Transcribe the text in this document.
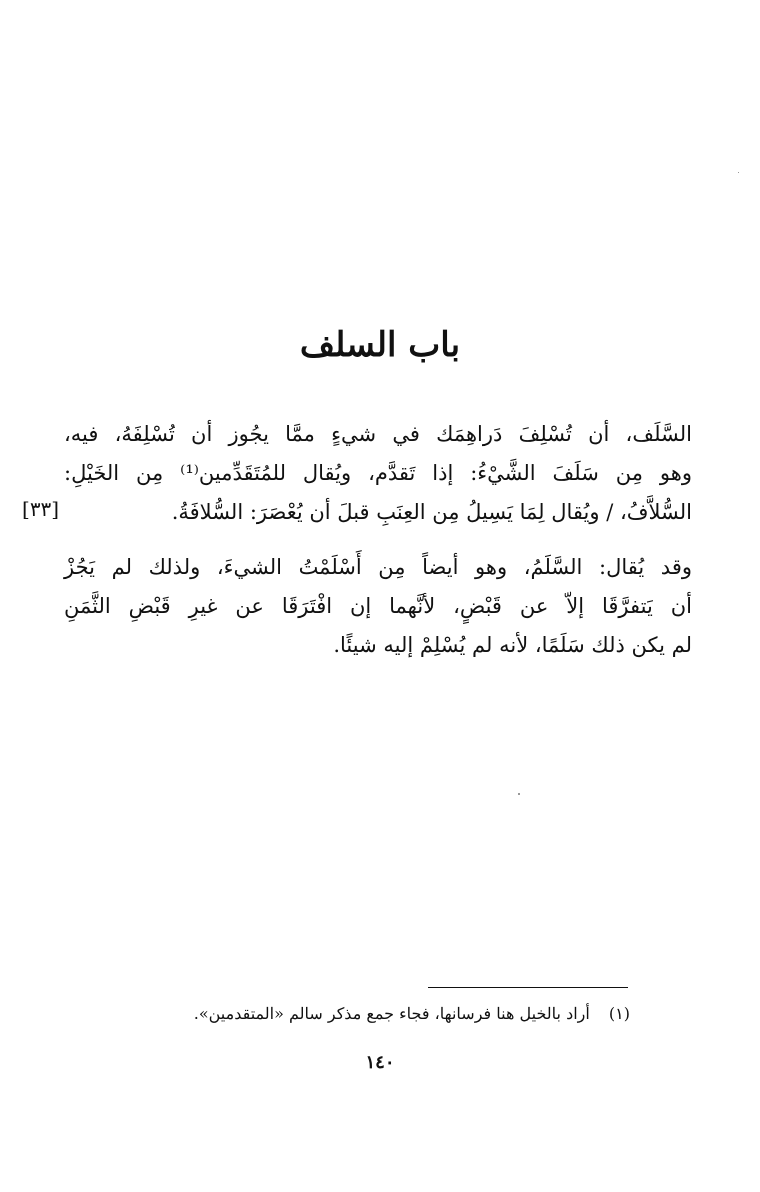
باب السلف
السَّلَف، أن تُسْلِفَ دَراهِمَك في شيءٍ ممَّا يجُوز أن تُسْلِفَهُ، فيه،
وهو مِن سَلَفَ الشَّيْءُ: إذا تَقدَّم، ويُقال للمُتَقَدِّمين⁽¹⁾ مِن الخَيْلِ:
السُّلاَّفُ، / ويُقال لِمَا يَسِيلُ مِن العِنَبِ قبلَ أن يُعْصَرَ: السُّلافَةُ.
[٣٣]
وقد يُقال: السَّلَمُ، وهو أيضاً مِن أَسْلَمْتُ الشيءَ، ولذلك لم يَجُزْ
أن يَتفرَّقَا إلاّ عن قَبْضٍ، لأنَّهما إن افْتَرَقَا عن غيرِ قَبْضِ الثَّمَنِ
لم يكن ذلك سَلَمًا، لأنه لم يُسْلِمْ إليه شيئًا.
(١) أراد بالخيل هنا فرسانها، فجاء جمع مذكر سالم «المتقدمين».
١٤٠
